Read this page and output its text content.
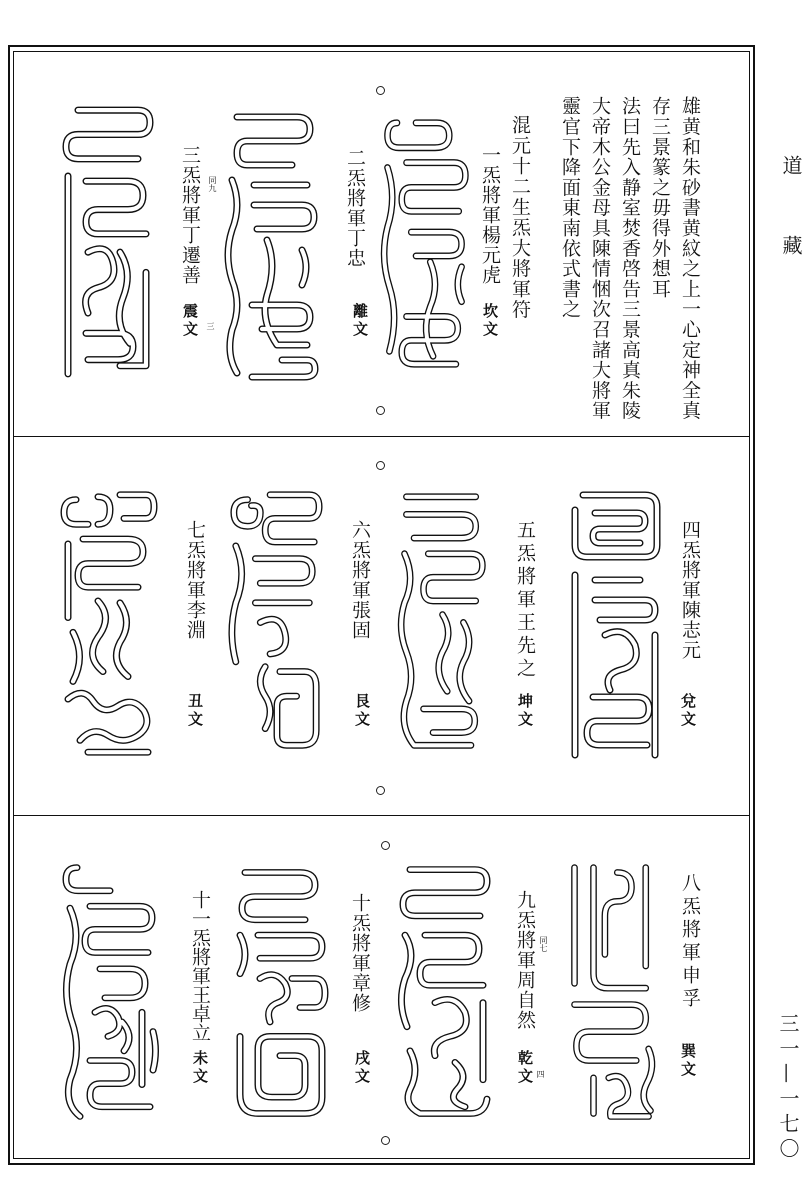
道
藏
三一—一七〇
雄黄和朱砂書黄紋之上一心定神全真
存三景篆之毋得外想耳
法曰先入静室焚香啓告三景高真朱陵
大帝木公金母具陳情悃次召諸大將軍
靈官下降面東南依式書之
混元十二生炁大將軍符
一炁將軍楊元虎
坎文
二炁將軍丁忠
離文
三炁將軍丁遷善
震文
同九
三
四炁將軍陳志元
兌文
五炁將軍王先之
坤文
六炁將軍張固
艮文
七炁將軍李淵
丑文
八炁將軍申孚
巽文
九炁將軍周自然
乾文
同七
四
十炁將軍章修
戌文
十一炁將軍王卓立
未文
